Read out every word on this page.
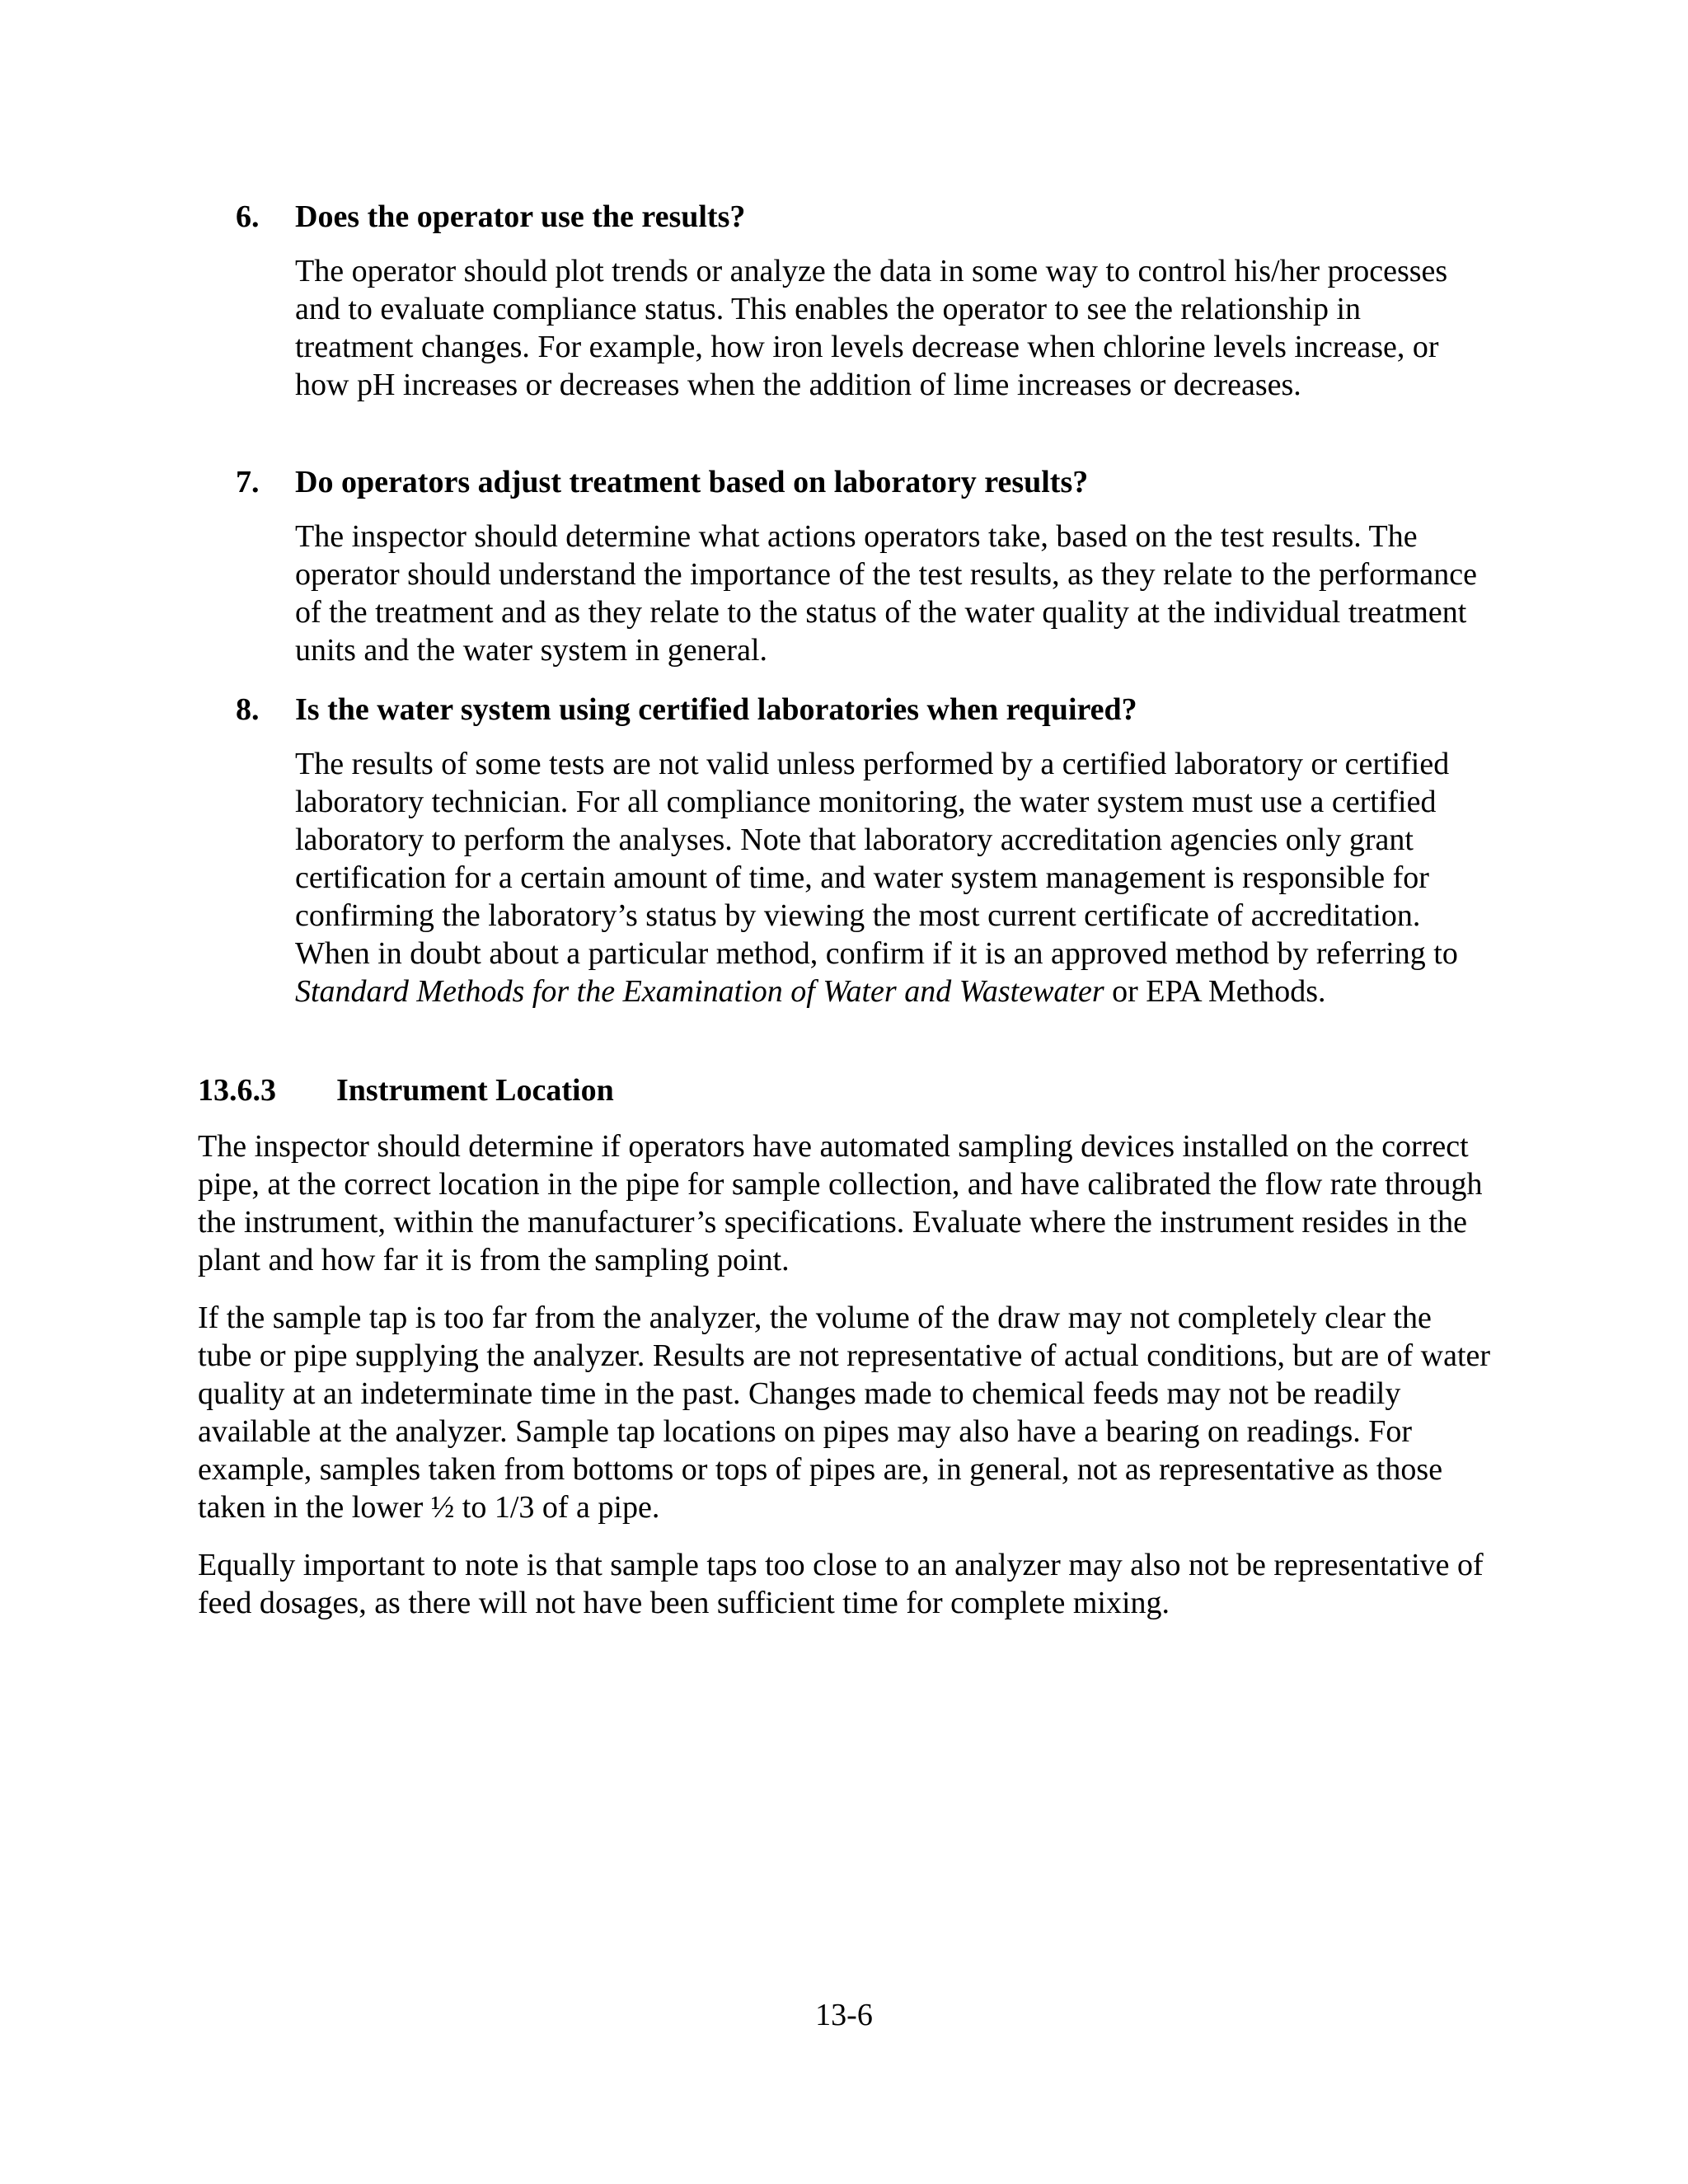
6.	Does the operator use the results?

The operator should plot trends or analyze the data in some way to control his/her processes and to evaluate compliance status. This enables the operator to see the relationship in treatment changes. For example, how iron levels decrease when chlorine levels increase, or how pH increases or decreases when the addition of lime increases or decreases.

7.	Do operators adjust treatment based on laboratory results?

The inspector should determine what actions operators take, based on the test results. The operator should understand the importance of the test results, as they relate to the performance of the treatment and as they relate to the status of the water quality at the individual treatment units and the water system in general.

8.	Is the water system using certified laboratories when required?

The results of some tests are not valid unless performed by a certified laboratory or certified laboratory technician. For all compliance monitoring, the water system must use a certified laboratory to perform the analyses. Note that laboratory accreditation agencies only grant certification for a certain amount of time, and water system management is responsible for confirming the laboratory’s status by viewing the most current certificate of accreditation. When in doubt about a particular method, confirm if it is an approved method by referring to Standard Methods for the Examination of Water and Wastewater or EPA Methods.

13.6.3 Instrument Location

The inspector should determine if operators have automated sampling devices installed on the correct pipe, at the correct location in the pipe for sample collection, and have calibrated the flow rate through the instrument, within the manufacturer’s specifications. Evaluate where the instrument resides in the plant and how far it is from the sampling point.

If the sample tap is too far from the analyzer, the volume of the draw may not completely clear the tube or pipe supplying the analyzer. Results are not representative of actual conditions, but are of water quality at an indeterminate time in the past. Changes made to chemical feeds may not be readily available at the analyzer. Sample tap locations on pipes may also have a bearing on readings. For example, samples taken from bottoms or tops of pipes are, in general, not as representative as those taken in the lower ½ to 1/3 of a pipe.

Equally important to note is that sample taps too close to an analyzer may also not be representative of feed dosages, as there will not have been sufficient time for complete mixing.

13-6
